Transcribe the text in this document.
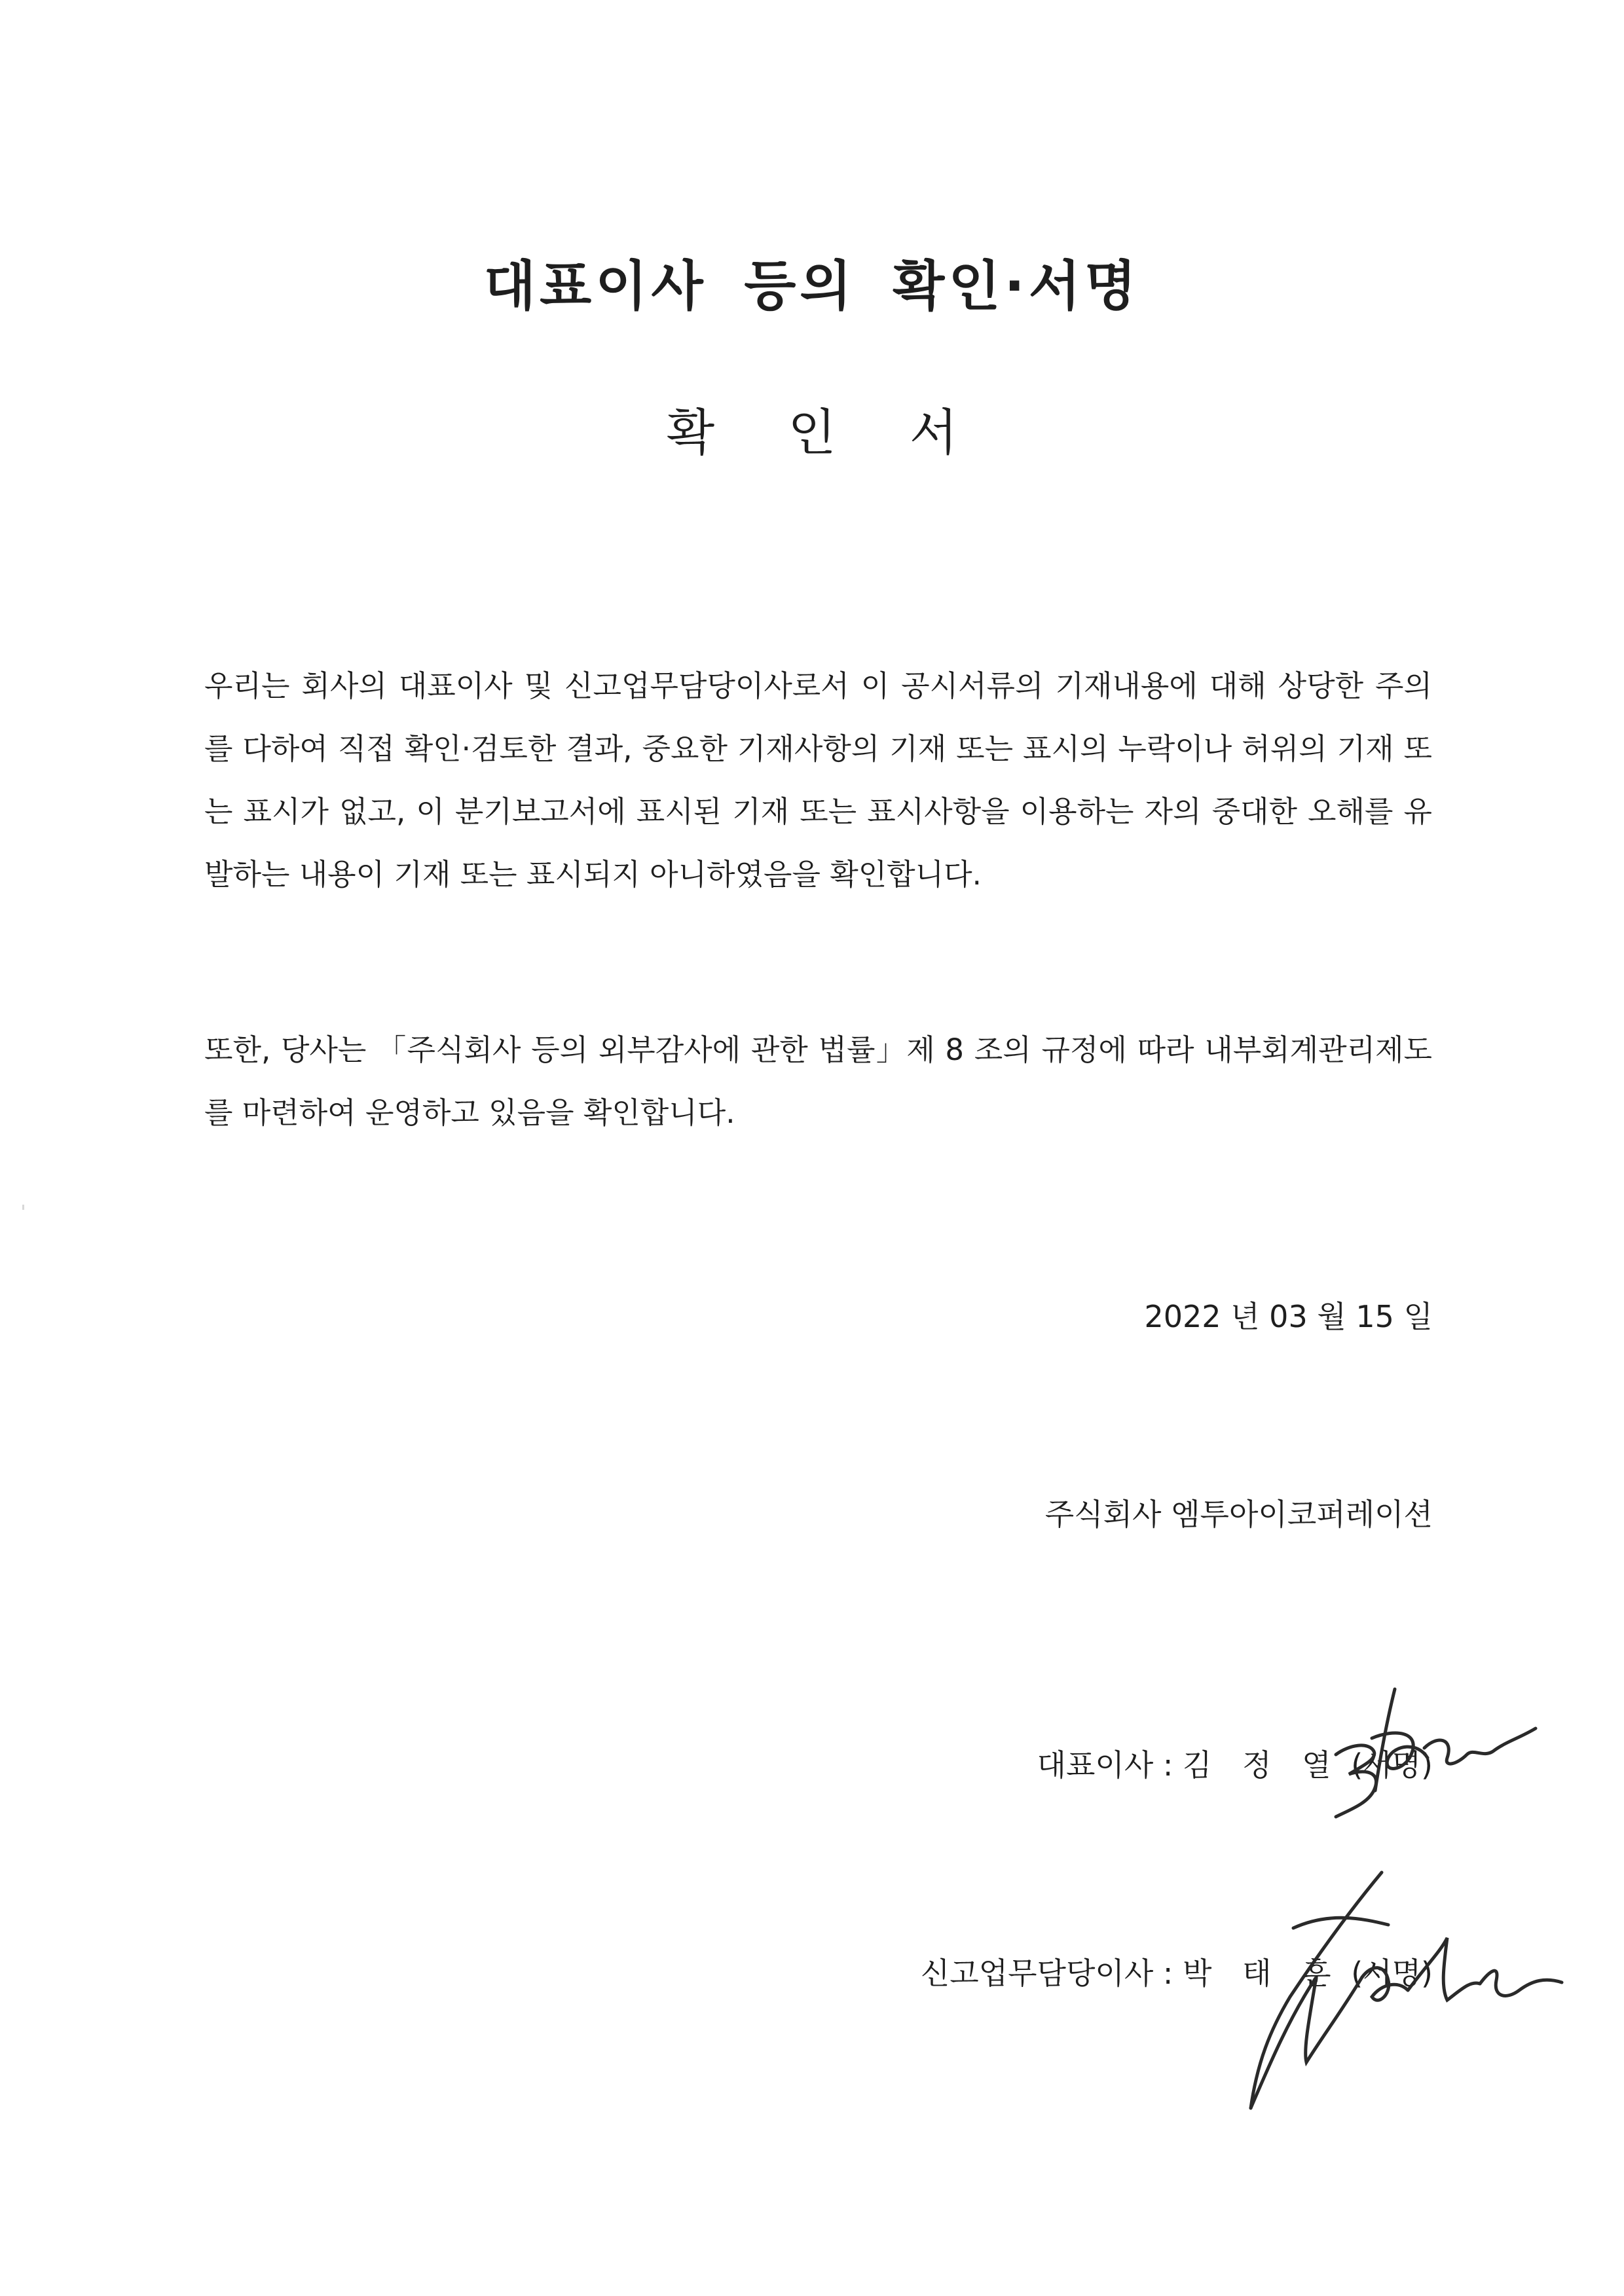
대표이사 등의 확인·서명
확 인 서

우리는 회사의 대표이사 및 신고업무담당이사로서 이 공시서류의 기재내용에 대해 상당한 주의를 다하여 직접 확인·검토한 결과, 중요한 기재사항의 기재 또는 표시의 누락이나 허위의 기재 또는 표시가 없고, 이 분기보고서에 표시된 기재 또는 표시사항을 이용하는 자의 중대한 오해를 유발하는 내용이 기재 또는 표시되지 아니하였음을 확인합니다.

또한, 당사는 「주식회사 등의 외부감사에 관한 법률」제 8 조의 규정에 따라 내부회계관리제도를 마련하여 운영하고 있음을 확인합니다.

2022 년 03 월 15 일
주식회사 엠투아이코퍼레이션
대표이사 : 김 정 열 (서명)
신고업무담당이사 : 박 태 훈 (서명)
